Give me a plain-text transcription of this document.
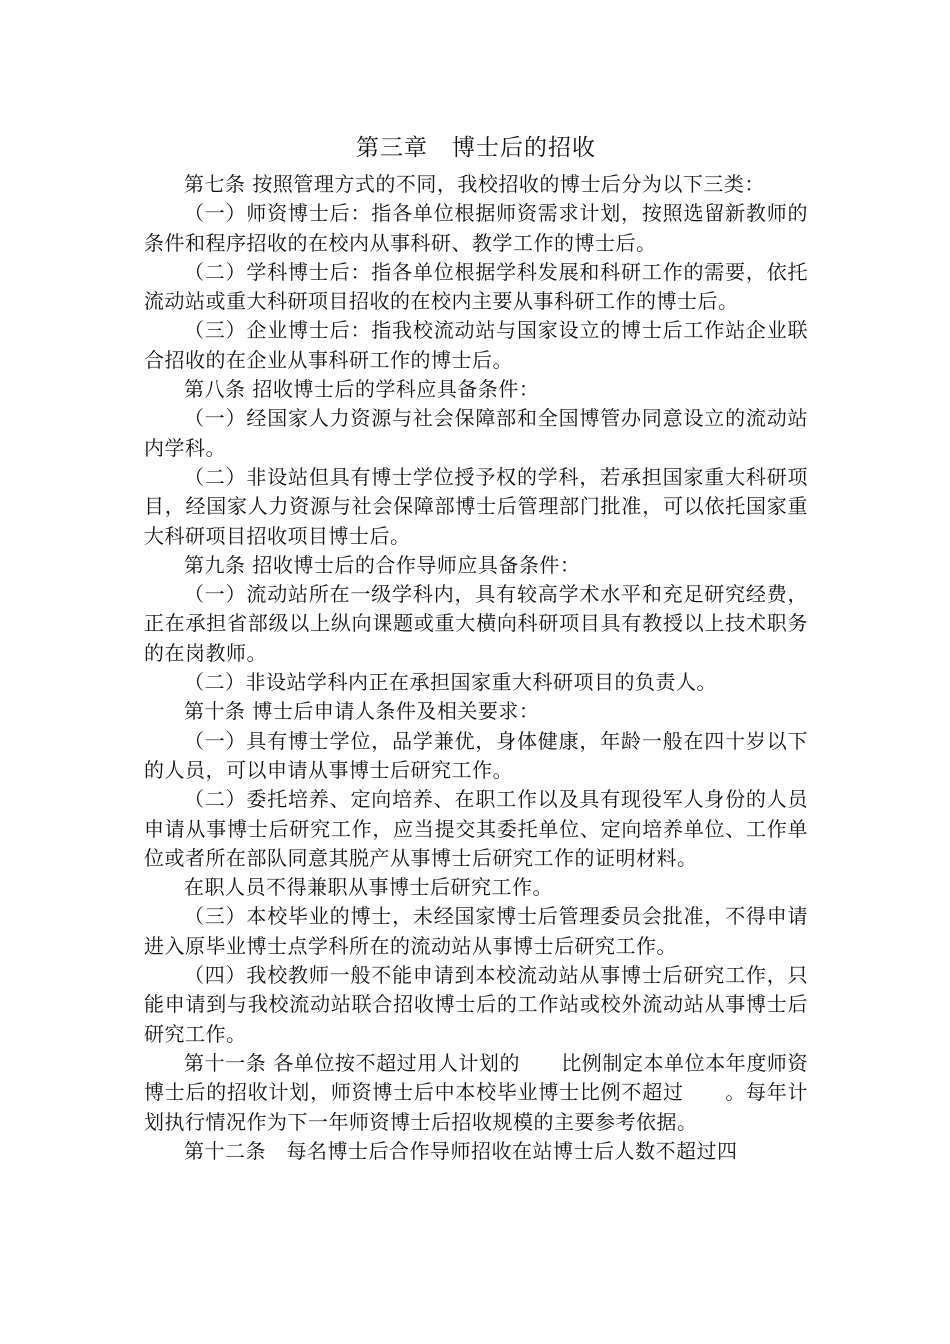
第三章　博士后的招收

第七条 按照管理方式的不同，我校招收的博士后分为以下三类：

（一）师资博士后：指各单位根据师资需求计划，按照选留新教师的条件和程序招收的在校内从事科研、教学工作的博士后。

（二）学科博士后：指各单位根据学科发展和科研工作的需要，依托流动站或重大科研项目招收的在校内主要从事科研工作的博士后。

（三）企业博士后：指我校流动站与国家设立的博士后工作站企业联合招收的在企业从事科研工作的博士后。

第八条 招收博士后的学科应具备条件：

（一）经国家人力资源与社会保障部和全国博管办同意设立的流动站内学科。

（二）非设站但具有博士学位授予权的学科，若承担国家重大科研项目，经国家人力资源与社会保障部博士后管理部门批准，可以依托国家重大科研项目招收项目博士后。

第九条 招收博士后的合作导师应具备条件：

（一）流动站所在一级学科内，具有较高学术水平和充足研究经费，正在承担省部级以上纵向课题或重大横向科研项目具有教授以上技术职务的在岗教师。

（二）非设站学科内正在承担国家重大科研项目的负责人。

第十条 博士后申请人条件及相关要求：

（一）具有博士学位，品学兼优，身体健康，年龄一般在四十岁以下的人员，可以申请从事博士后研究工作。

（二）委托培养、定向培养、在职工作以及具有现役军人身份的人员申请从事博士后研究工作，应当提交其委托单位、定向培养单位、工作单位或者所在部队同意其脱产从事博士后研究工作的证明材料。

在职人员不得兼职从事博士后研究工作。

（三）本校毕业的博士，未经国家博士后管理委员会批准，不得申请进入原毕业博士点学科所在的流动站从事博士后研究工作。

（四）我校教师一般不能申请到本校流动站从事博士后研究工作，只能申请到与我校流动站联合招收博士后的工作站或校外流动站从事博士后研究工作。

第十一条 各单位按不超过用人计划的　　比例制定本单位本年度师资博士后的招收计划，师资博士后中本校毕业博士比例不超过　　。每年计划执行情况作为下一年师资博士后招收规模的主要参考依据。

第十二条　每名博士后合作导师招收在站博士后人数不超过四
